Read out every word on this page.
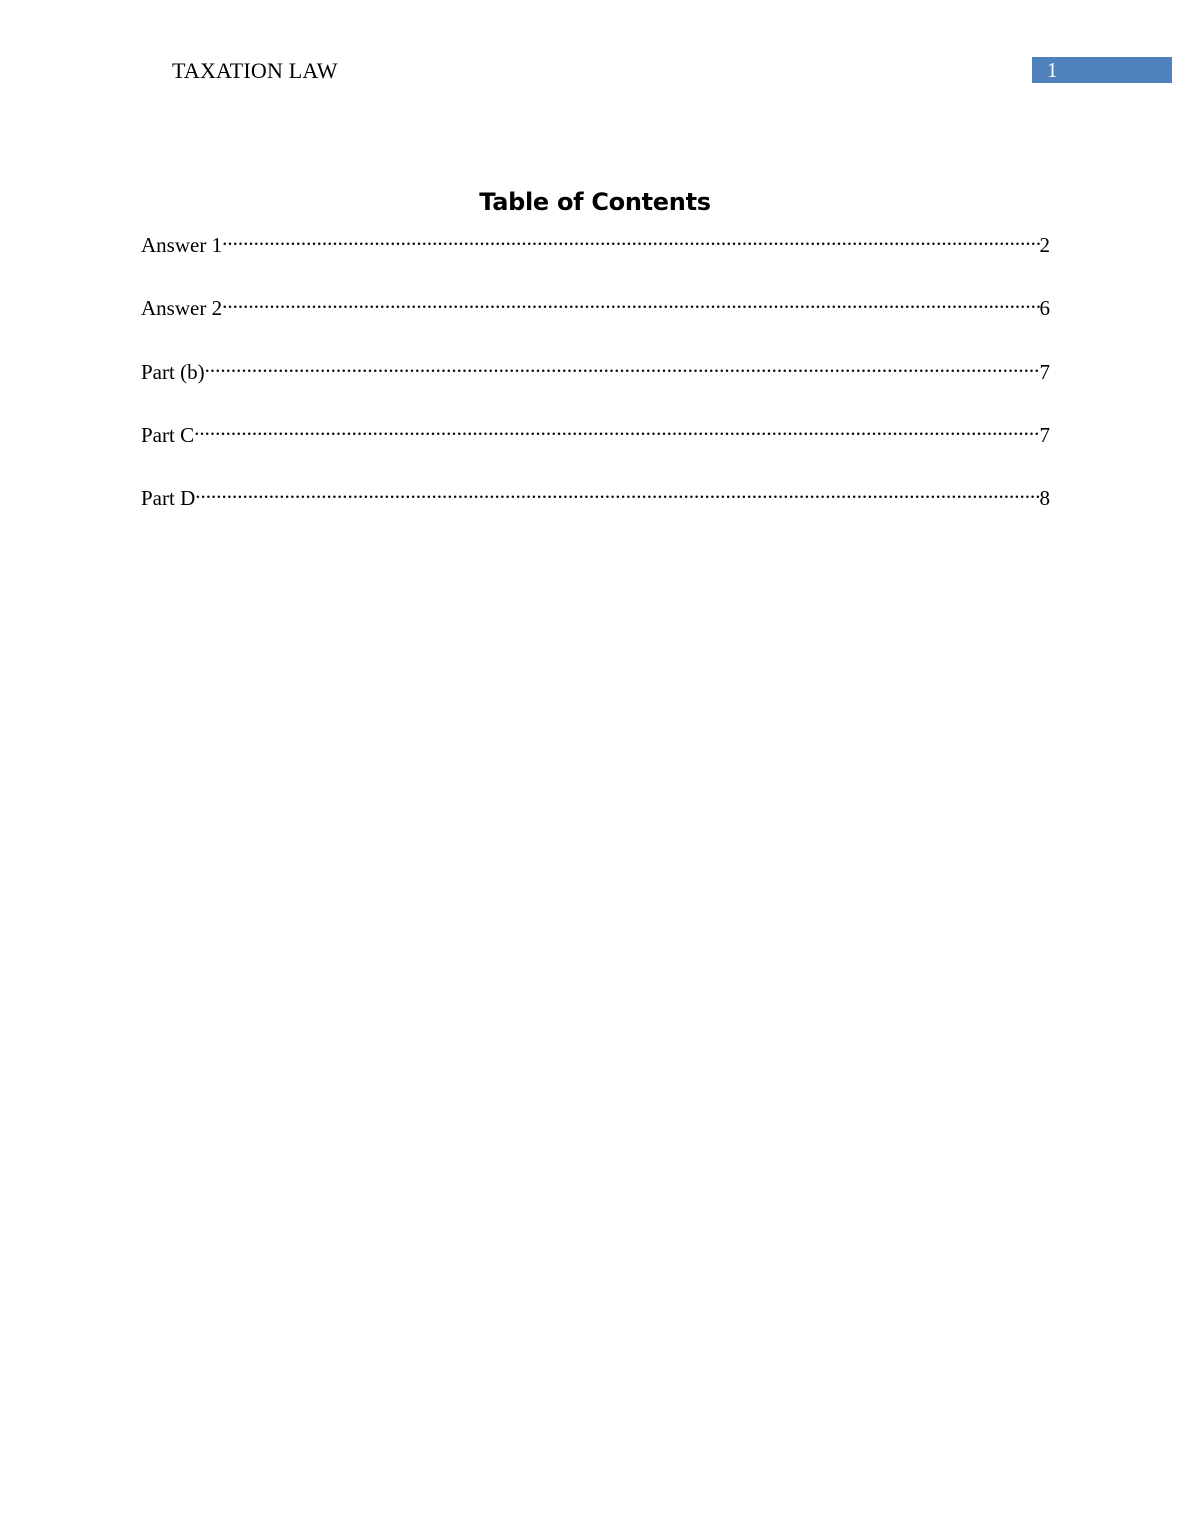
TAXATION LAW	1
Table of Contents
Answer 1 .....	2
Answer 2 .....	6
Part (b) .....	7
Part C .....	7
Part D .....	8
